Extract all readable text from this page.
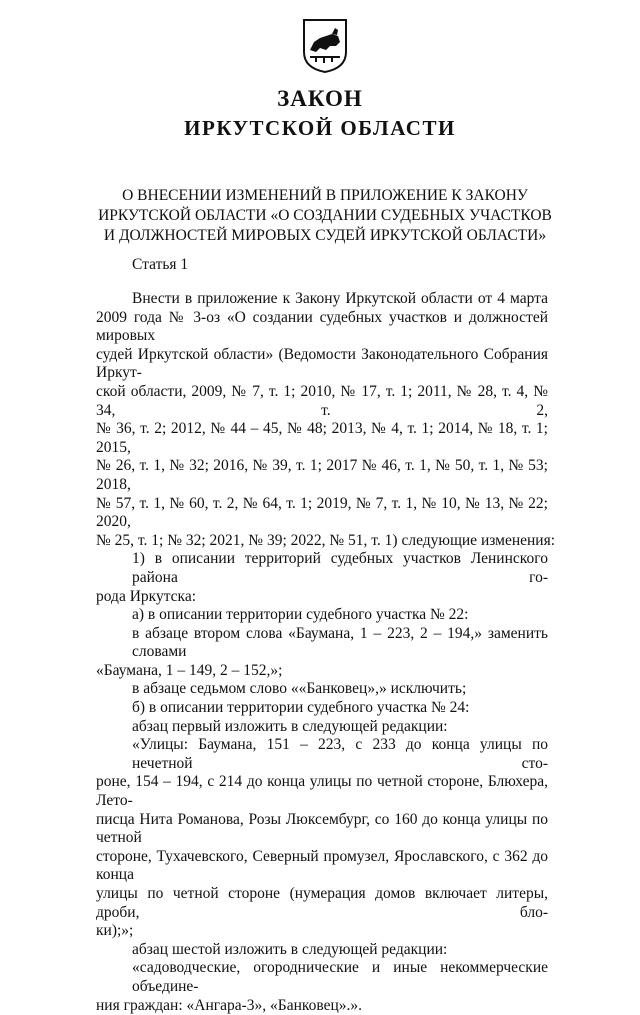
ЗАКОН
ИРКУТСКОЙ ОБЛАСТИ
О ВНЕСЕНИИ ИЗМЕНЕНИЙ В ПРИЛОЖЕНИЕ К ЗАКОНУ
ИРКУТСКОЙ ОБЛАСТИ «О СОЗДАНИИ СУДЕБНЫХ УЧАСТКОВ
И ДОЛЖНОСТЕЙ МИРОВЫХ СУДЕЙ ИРКУТСКОЙ ОБЛАСТИ»
Статья 1
Внести в приложение к Закону Иркутской области от 4 марта
2009 года № 3-оз «О создании судебных участков и должностей мировых
судей Иркутской области» (Ведомости Законодательного Собрания Иркут-
ской области, 2009, № 7, т. 1; 2010, № 17, т. 1; 2011, № 28, т. 4, № 34, т. 2,
№ 36, т. 2; 2012, № 44 – 45, № 48; 2013, № 4, т. 1; 2014, № 18, т. 1; 2015,
№ 26, т. 1, № 32; 2016, № 39, т. 1; 2017 № 46, т. 1, № 50, т. 1, № 53; 2018,
№ 57, т. 1, № 60, т. 2, № 64, т. 1; 2019, № 7, т. 1, № 10, № 13, № 22; 2020,
№ 25, т. 1; № 32; 2021, № 39; 2022, № 51, т. 1) следующие изменения:
1) в описании территорий судебных участков Ленинского района го-
рода Иркутска:
а) в описании территории судебного участка № 22:
в абзаце втором слова «Баумана, 1 – 223, 2 – 194,» заменить словами
«Баумана, 1 – 149, 2 – 152,»;
в абзаце седьмом слово ««Банковец»,» исключить;
б) в описании территории судебного участка № 24:
абзац первый изложить в следующей редакции:
«Улицы: Баумана, 151 – 223, с 233 до конца улицы по нечетной сто-
роне, 154 – 194, с 214 до конца улицы по четной стороне, Блюхера, Лето-
писца Нита Романова, Розы Люксембург, со 160 до конца улицы по четной
стороне, Тухачевского, Северный промузел, Ярославского, с 362 до конца
улицы по четной стороне (нумерация домов включает литеры, дроби, бло-
ки);»;
абзац шестой изложить в следующей редакции:
«садоводческие, огороднические и иные некоммерческие объедине-
ния граждан: «Ангара-3», «Банковец».».
